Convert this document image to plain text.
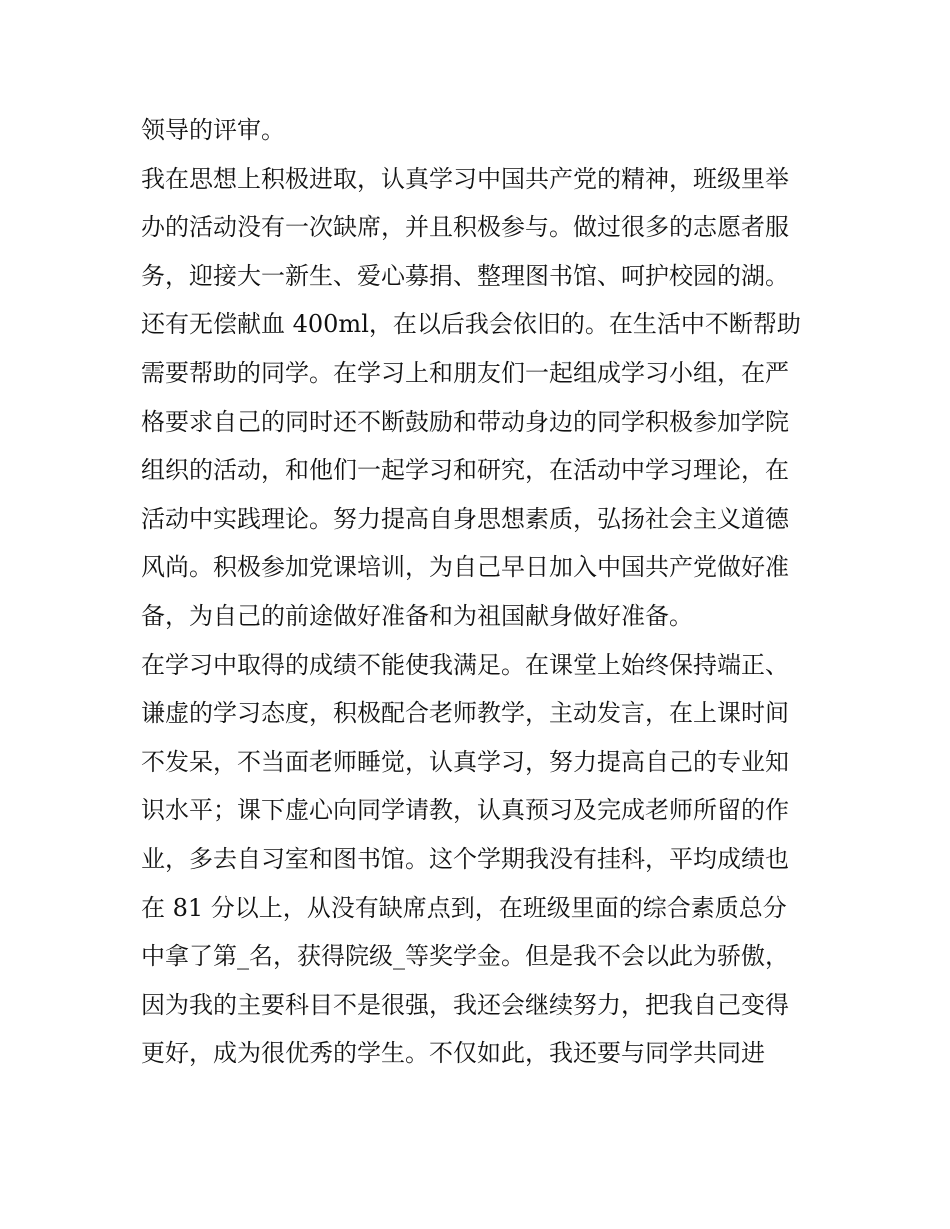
领导的评审。
我在思想上积极进取，认真学习中国共产党的精神，班级里举
办的活动没有一次缺席，并且积极参与。做过很多的志愿者服
务，迎接大一新生、爱心募捐、整理图书馆、呵护校园的湖。
还有无偿献血 400ml，在以后我会依旧的。在生活中不断帮助
需要帮助的同学。在学习上和朋友们一起组成学习小组，在严
格要求自己的同时还不断鼓励和带动身边的同学积极参加学院
组织的活动，和他们一起学习和研究，在活动中学习理论，在
活动中实践理论。努力提高自身思想素质，弘扬社会主义道德
风尚。积极参加党课培训，为自己早日加入中国共产党做好准
备，为自己的前途做好准备和为祖国献身做好准备。
在学习中取得的成绩不能使我满足。在课堂上始终保持端正、
谦虚的学习态度，积极配合老师教学，主动发言，在上课时间
不发呆，不当面老师睡觉，认真学习，努力提高自己的专业知
识水平；课下虚心向同学请教，认真预习及完成老师所留的作
业，多去自习室和图书馆。这个学期我没有挂科，平均成绩也
在 81 分以上，从没有缺席点到，在班级里面的综合素质总分
中拿了第_名，获得院级_等奖学金。但是我不会以此为骄傲，
因为我的主要科目不是很强，我还会继续努力，把我自己变得
更好，成为很优秀的学生。不仅如此，我还要与同学共同进
